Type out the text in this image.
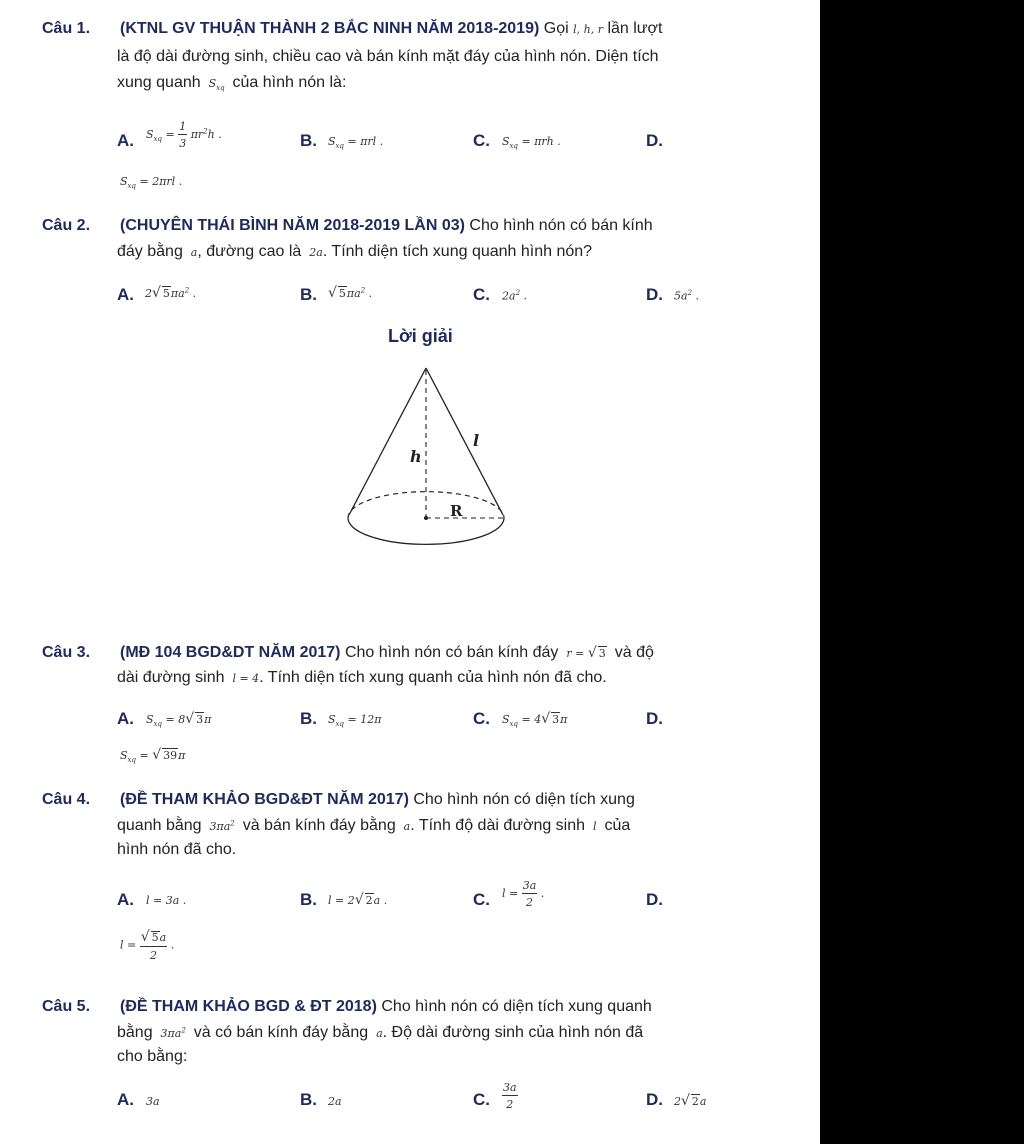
Câu 1. (KTNL GV THUẬN THÀNH 2 BẮC NINH NĂM 2018-2019) Gọi l, h, r lần lượt
là độ dài đường sinh, chiều cao và bán kính mặt đáy của hình nón. Diện tích
xung quanh  $S_{xq}$ của hình nón là:
A. $S_{xq} = \frac{1}{3} \pi r^2h$ .	B. $S_{xq} = \pi rl$ .	C. $S_{xq} = \pi rh$ .	D.
$S_{xq} = 2\pi rl$ .
Câu 2. (CHUYÊN THÁI BÌNH NĂM 2018-2019 LẦN 03) Cho hình nón có bán kính
đáy bằng  a, đường cao là  2a. Tính diện tích xung quanh hình nón?
A. 2√ $5\pi a^2$ .	B. √ $5\pi a^2$ .	C. $2a^2$ .	D. $5a^2$ .
Lời giải
h
l
R
Câu 3. (MĐ 104 BGD&DT NĂM 2017) Cho hình nón có bán kính đáy  r = √ 3 và độ
dài đường sinh  l = 4. Tính diện tích xung quanh của hình nón đã cho.
A. $S_{xq} = 8√$ 3π	B. $S_{xq} = 12\pi$	C. $S_{xq} = 4√$ 3π	D.
$S_{xq}$ = √ 39π
Câu 4. (ĐỀ THAM KHẢO BGD&ĐT NĂM 2017) Cho hình nón có diện tích xung
quanh bằng  $3\pi a^2$ và bán kính đáy bằng  a. Tính độ dài đường sinh  l  của
hình nón đã cho.
A. l = 3a .	B. l = 2√ 2a .	C. $l = \frac{3a}{2}$ .	D.
$l = \frac{√ 5a}{2}$ .
Câu 5. (ĐỀ THAM KHẢO BGD & ĐT 2018) Cho hình nón có diện tích xung quanh
bằng  $3\pi a^2$ và có bán kính đáy bằng  a. Độ dài đường sinh của hình nón đã
cho bằng:
A. 3a	B. 2a	C. $\frac{3a}{2}$	D. 2√ 2a
